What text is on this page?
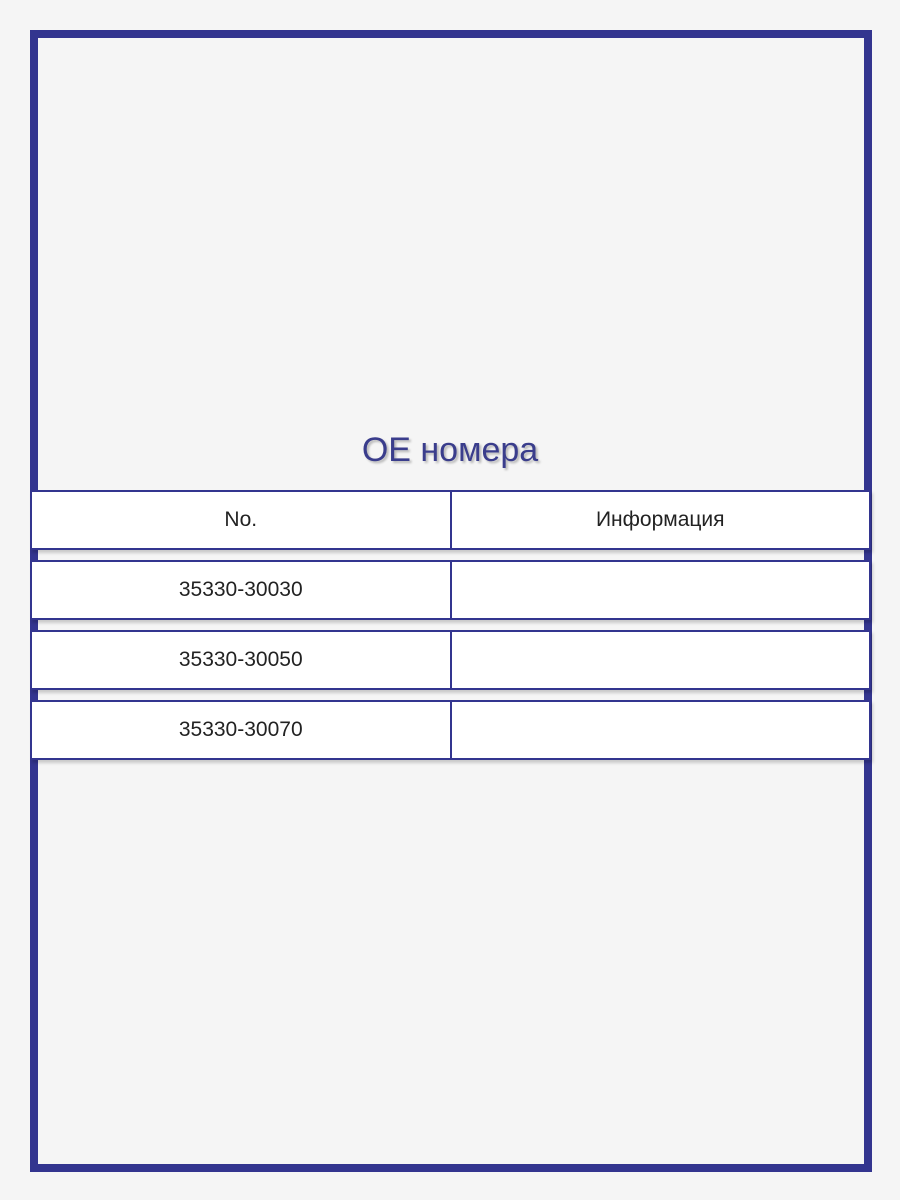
OE номера
No.	Информация
35330-30030
35330-30050
35330-30070
